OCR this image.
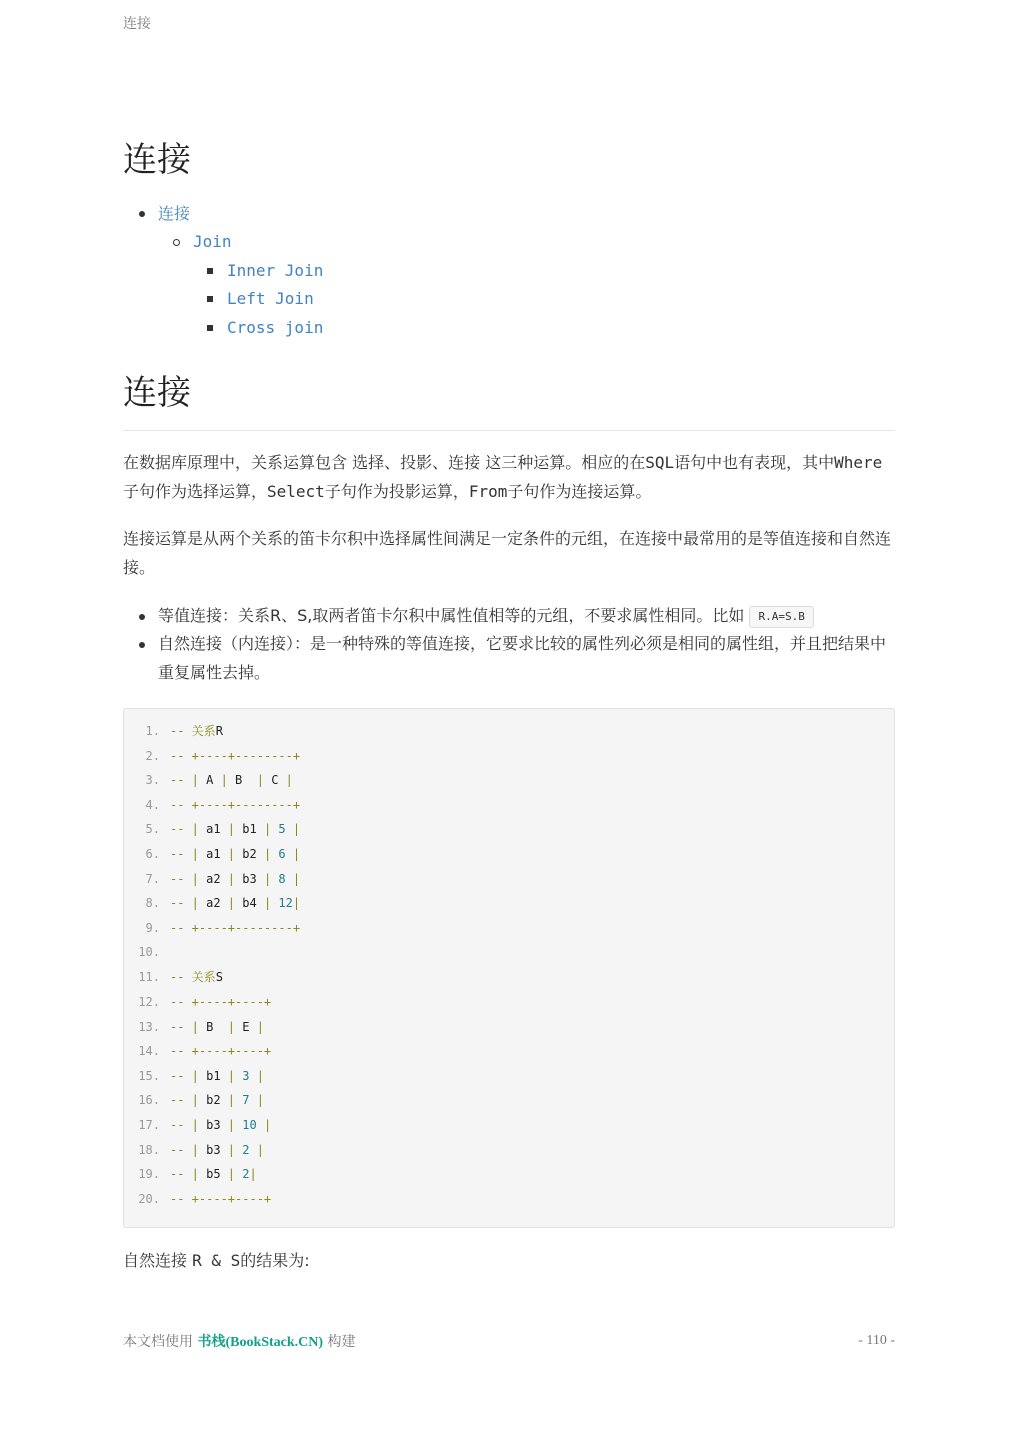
连接
连接
连接
Join
Inner Join
Left Join
Cross join
连接

在数据库原理中，关系运算包含 选择、投影、连接 这三种运算。相应的在SQL语句中也有表现，其中Where子句作为选择运算，Select子句作为投影运算，From子句作为连接运算。

连接运算是从两个关系的笛卡尔积中选择属性间满足一定条件的元组，在连接中最常用的是等值连接和自然连接。

等值连接：关系R、S,取两者笛卡尔积中属性值相等的元组，不要求属性相同。比如 R.A=S.B
自然连接（内连接）：是一种特殊的等值连接，它要求比较的属性列必须是相同的属性组，并且把结果中重复属性去掉。
1. -- 关系R
2. -- +----+--------+
3. -- | A | B  | C |
4. -- +----+--------+
5. -- | a1 | b1 | 5 |
6. -- | a1 | b2 | 6 |
7. -- | a2 | b3 | 8 |
8. -- | a2 | b4 | 12|
9. -- +----+--------+
10.
11. -- 关系S
12. -- +----+----+
13. -- | B  | E |
14. -- +----+----+
15. -- | b1 | 3 |
16. -- | b2 | 7 |
17. -- | b3 | 10 |
18. -- | b3 | 2 |
19. -- | b5 | 2|
20. -- +----+----+
自然连接 R & S的结果为:
本文档使用 书栈(BookStack.CN) 构建	- 110 -
